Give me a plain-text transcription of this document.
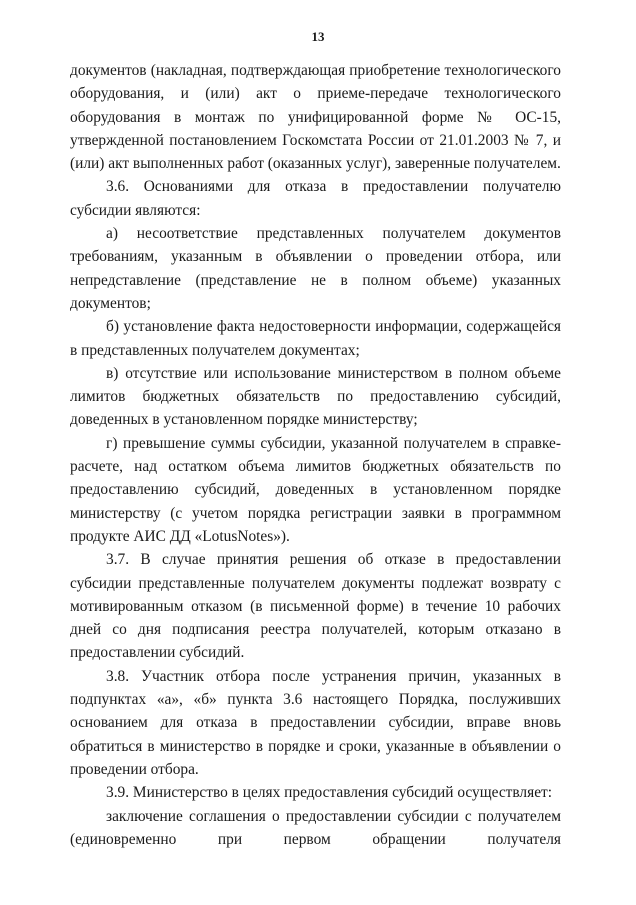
13

документов (накладная, подтверждающая приобретение технологического оборудования, и (или) акт о приеме-передаче технологического оборудования в монтаж по унифицированной форме № ОС-15, утвержденной постановлением Госкомстата России от 21.01.2003 № 7, и (или) акт выполненных работ (оказанных услуг), заверенные получателем.

3.6. Основаниями для отказа в предоставлении получателю субсидии являются:

а) несоответствие представленных получателем документов требованиям, указанным в объявлении о проведении отбора, или непредставление (представление не в полном объеме) указанных документов;

б) установление факта недостоверности информации, содержащейся в представленных получателем документах;

в) отсутствие или использование министерством в полном объеме лимитов бюджетных обязательств по предоставлению субсидий, доведенных в установленном порядке министерству;

г) превышение суммы субсидии, указанной получателем в справке-расчете, над остатком объема лимитов бюджетных обязательств по предоставлению субсидий, доведенных в установленном порядке министерству (с учетом порядка регистрации заявки в программном продукте АИС ДД «LotusNotes»).

3.7. В случае принятия решения об отказе в предоставлении субсидии представленные получателем документы подлежат возврату с мотивированным отказом (в письменной форме) в течение 10 рабочих дней со дня подписания реестра получателей, которым отказано в предоставлении субсидий.

3.8. Участник отбора после устранения причин, указанных в подпунктах «а», «б» пункта 3.6 настоящего Порядка, послуживших основанием для отказа в предоставлении субсидии, вправе вновь обратиться в министерство в порядке и сроки, указанные в объявлении о проведении отбора.

3.9. Министерство в целях предоставления субсидий осуществляет:

заключение соглашения о предоставлении субсидии с получателем (единовременно при первом обращении получателя
